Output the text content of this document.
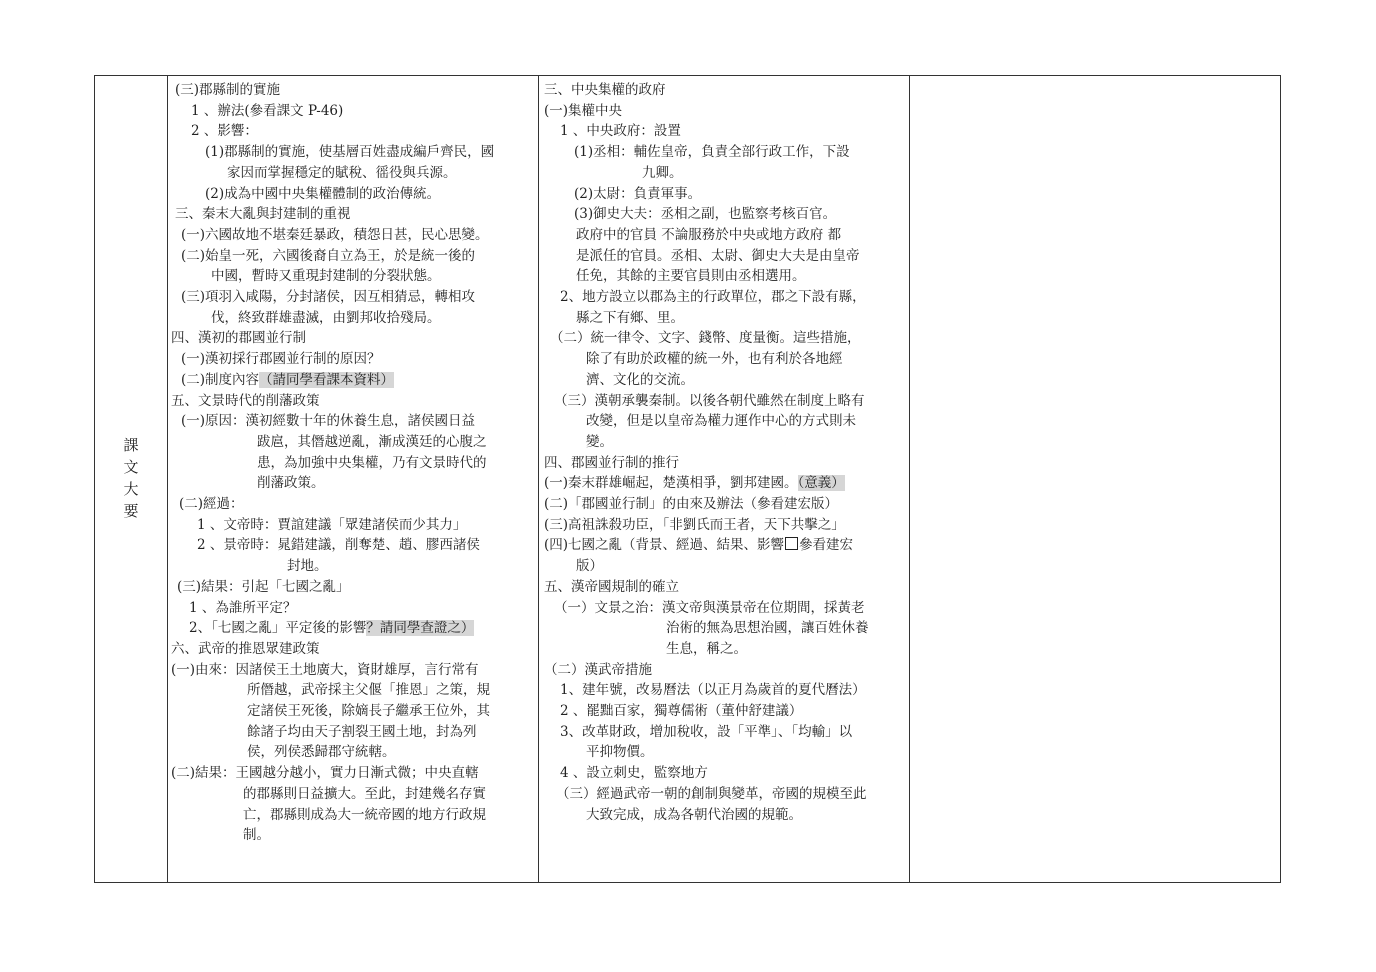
課
文
大
要
(三)郡縣制的實施
1 、辦法(參看課文 P-46)
2 、影響：
(1)郡縣制的實施，使基層百姓盡成編戶齊民，國
家因而掌握穩定的賦稅、徭役與兵源。
(2)成為中國中央集權體制的政治傳統。
三、秦末大亂與封建制的重視
(一)六國故地不堪秦廷暴政，積怨日甚，民心思變。
(二)始皇一死，六國後裔自立為王，於是統一後的
中國，暫時又重現封建制的分裂狀態。
(三)項羽入咸陽，分封諸侯，因互相猜忌，轉相攻
伐，終致群雄盡滅，由劉邦收拾殘局。
四、漢初的郡國並行制
(一)漢初採行郡國並行制的原因？
(二)制度內容（請同學看課本資料）
五、文景時代的削藩政策
(一)原因：漢初經數十年的休養生息，諸侯國日益
跋扈，其僭越逆亂，漸成漢廷的心腹之
患，為加強中央集權，乃有文景時代的
削藩政策。
(二)經過：
1 、文帝時：賈誼建議「眾建諸侯而少其力」
2 、景帝時：晁錯建議，削奪楚、趙、膠西諸侯
封地。
(三)結果：引起「七國之亂」
1 、為誰所平定？
2、「七國之亂」平定後的影響？請同學查證之）
六、武帝的推恩眾建政策
(一)由來：因諸侯王土地廣大，資財雄厚，言行常有
所僭越，武帝採主父偃「推恩」之策，規
定諸侯王死後，除嫡長子繼承王位外，其
餘諸子均由天子割裂王國土地，封為列
侯，列侯悉歸郡守統轄。
(二)結果：王國越分越小，實力日漸式微；中央直轄
的郡縣則日益擴大。至此，封建幾名存實
亡，郡縣則成為大一統帝國的地方行政規
制。
三、中央集權的政府
(一)集權中央
1 、中央政府：設置
(1)丞相：輔佐皇帝，負責全部行政工作，下設
九卿。
(2)太尉：負責軍事。
(3)御史大夫：丞相之副，也監察考核百官。
政府中的官員 不論服務於中央或地方政府 都
是派任的官員。丞相、太尉、御史大夫是由皇帝
任免，其餘的主要官員則由丞相選用。
2、地方設立以郡為主的行政單位，郡之下設有縣，
縣之下有鄉、里。
（二）統一律令、文字、錢幣、度量衡。這些措施，
除了有助於政權的統一外，也有利於各地經
濟、文化的交流。
（三）漢朝承襲秦制。以後各朝代雖然在制度上略有
改變，但是以皇帝為權力運作中心的方式則未
變。
四、郡國並行制的推行
(一)秦末群雄崛起，楚漢相爭，劉邦建國。（意義）
(二)「郡國並行制」的由來及辦法（參看建宏版）
(三)高祖誅殺功臣，「非劉氏而王者，天下共擊之」
(四)七國之亂（背景、經過、結果、影響 參看建宏
版）
五、漢帝國規制的確立
（一）文景之治：漢文帝與漢景帝在位期間，採黃老
治術的無為思想治國，讓百姓休養
生息，稱之。
（二）漢武帝措施
1、建年號，改易曆法（以正月為歲首的夏代曆法）
2 、罷黜百家，獨尊儒術（董仲舒建議）
3、改革財政，增加稅收，設「平準」、「均輸」以
平抑物價。
4 、設立刺史，監察地方
（三）經過武帝一朝的創制與變革，帝國的規模至此
大致完成，成為各朝代治國的規範。
